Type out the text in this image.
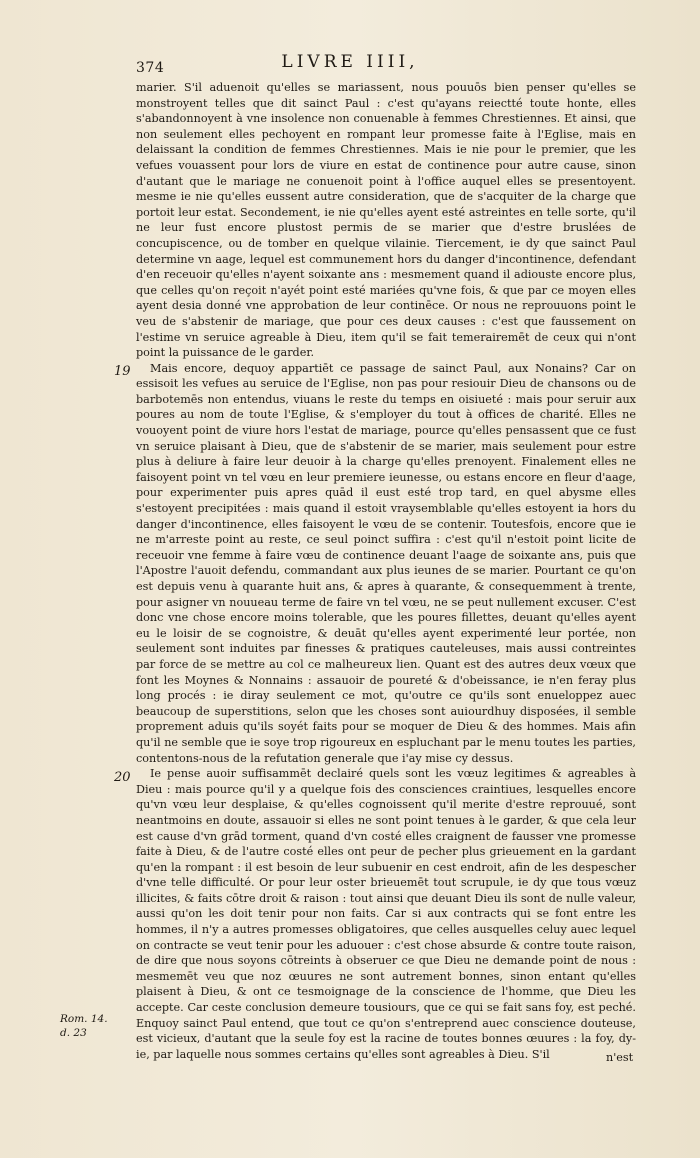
374	LIVRE IIII,
19
20

marier. S'il aduenoit qu'elles se mariassent, nous pouuōs bien penser qu'elles se monstroyent telles que dit sainct Paul : c'est qu'ayans reiectté toute honte, elles s'abandonnoyent à vne insolence non conuenable à femmes Chrestiennes. Et ainsi, que non seulement elles pechoyent en rompant leur promesse faite à l'Eglise, mais en delaissant la condition de femmes Chrestiennes. Mais ie nie pour le premier, que les vefues vouassent pour lors de viure en estat de continence pour autre cause, sinon d'autant que le mariage ne conuenoit point à l'office auquel elles se presentoyent. mesme ie nie qu'elles eussent autre consideration, que de s'acquiter de la charge que portoit leur estat. Secondement, ie nie qu'elles ayent esté astreintes en telle sorte, qu'il ne leur fust encore plustost permis de se marier que d'estre bruslées de concupiscence, ou de tomber en quelque vilainie. Tiercement, ie dy que sainct Paul determine vn aage, lequel est communement hors du danger d'incontinence, defendant d'en receuoir qu'elles n'ayent soixante ans : mesmement quand il adiouste encore plus, que celles qu'on reçoit n'ayét point esté mariées qu'vne fois, & que par ce moyen elles ayent desia donné vne approbation de leur continēce. Or nous ne reprouuons point le veu de s'abstenir de mariage, que pour ces deux causes : c'est que faussement on l'estime vn seruice agreable à Dieu, item qu'il se fait temerairemēt de ceux qui n'ont point la puissance de le garder.

Mais encore, dequoy appartiēt ce passage de sainct Paul, aux Nonains? Car on essisoit les vefues au seruice de l'Eglise, non pas pour resiouir Dieu de chansons ou de barbotemēs non entendus, viuans le reste du temps en oisiueté : mais pour seruir aux poures au nom de toute l'Eglise, & s'employer du tout à offices de charité. Elles ne vouoyent point de viure hors l'estat de mariage, pource qu'elles pensassent que ce fust vn seruice plaisant à Dieu, que de s'abstenir de se marier, mais seulement pour estre plus à deliure à faire leur deuoir à la charge qu'elles prenoyent. Finalement elles ne faisoyent point vn tel vœu en leur premiere ieunesse, ou estans encore en fleur d'aage, pour experimenter puis apres quād il eust esté trop tard, en quel abysme elles s'estoyent precipitées : mais quand il estoit vraysemblable qu'elles estoyent ia hors du danger d'incontinence, elles faisoyent le vœu de se contenir. Toutesfois, encore que ie ne m'arreste point au reste, ce seul poinct suffira : c'est qu'il n'estoit point licite de receuoir vne femme à faire vœu de continence deuant l'aage de soixante ans, puis que l'Apostre l'auoit defendu, commandant aux plus ieunes de se marier. Pourtant ce qu'on est depuis venu à quarante huit ans, & apres à quarante, & consequemment à trente, pour asigner vn nouueau terme de faire vn tel vœu, ne se peut nullement excuser. C'est donc vne chose encore moins tolerable, que les poures fillettes, deuant qu'elles ayent eu le loisir de se cognoistre, & deuāt qu'elles ayent experimenté leur portée, non seulement sont induites par finesses & pratiques cauteleuses, mais aussi contreintes par force de se mettre au col ce malheureux lien. Quant est des autres deux vœux que font les Moynes & Nonnains : assauoir de poureté & d'obeissance, ie n'en feray plus long procés : ie diray seulement ce mot, qu'outre ce qu'ils sont enueloppez auec beaucoup de superstitions, selon que les choses sont auiourdhuy disposées, il semble proprement aduis qu'ils soyét faits pour se moquer de Dieu & des hommes. Mais afin qu'il ne semble que ie soye trop rigoureux en espluchant par le menu toutes les parties, contentons-nous de la refutation generale que i'ay mise cy dessus.

Ie pense auoir suffisammēt declairé quels sont les vœuz legitimes & agreables à Dieu : mais pource qu'il y a quelque fois des consciences craintiues, lesquelles encore qu'vn vœu leur desplaise, & qu'elles cognoissent qu'il merite d'estre reprouué, sont neantmoins en doute, assauoir si elles ne sont point tenues à le garder, & que cela leur est cause d'vn grād torment, quand d'vn costé elles craignent de fausser vne promesse faite à Dieu, & de l'autre costé elles ont peur de pecher plus grieuement en la gardant qu'en la rompant : il est besoin de leur subuenir en cest endroit, afin de les despescher d'vne telle difficulté. Or pour leur oster brieuemēt tout scrupule, ie dy que tous vœuz illicites, & faits cōtre droit & raison : tout ainsi que deuant Dieu ils sont de nulle valeur, aussi qu'on les doit tenir pour non faits. Car si aux contracts qui se font entre les hommes, il n'y a autres promesses obligatoires, que celles ausquelles celuy auec lequel on contracte se veut tenir pour les aduouer : c'est chose absurde & contre toute raison, de dire que nous soyons cōtreints à obseruer ce que Dieu ne demande point de nous : mesmemēt veu que noz œuures ne sont autrement bonnes, sinon entant qu'elles plaisent à Dieu, & ont ce tesmoignage de la conscience de l'homme, que Dieu les accepte. Car ceste conclusion demeure tousiours, que ce qui se fait sans foy, est peché. Enquoy sainct Paul entend, que tout ce qu'on s'entreprend auec conscience douteuse, est vicieux, d'autant que la seule foy est la racine de toutes bonnes œuures : la foy, dy-ie, par laquelle nous sommes certains qu'elles sont agreables à Dieu. S'il

Rom. 14. d. 23
n'est
